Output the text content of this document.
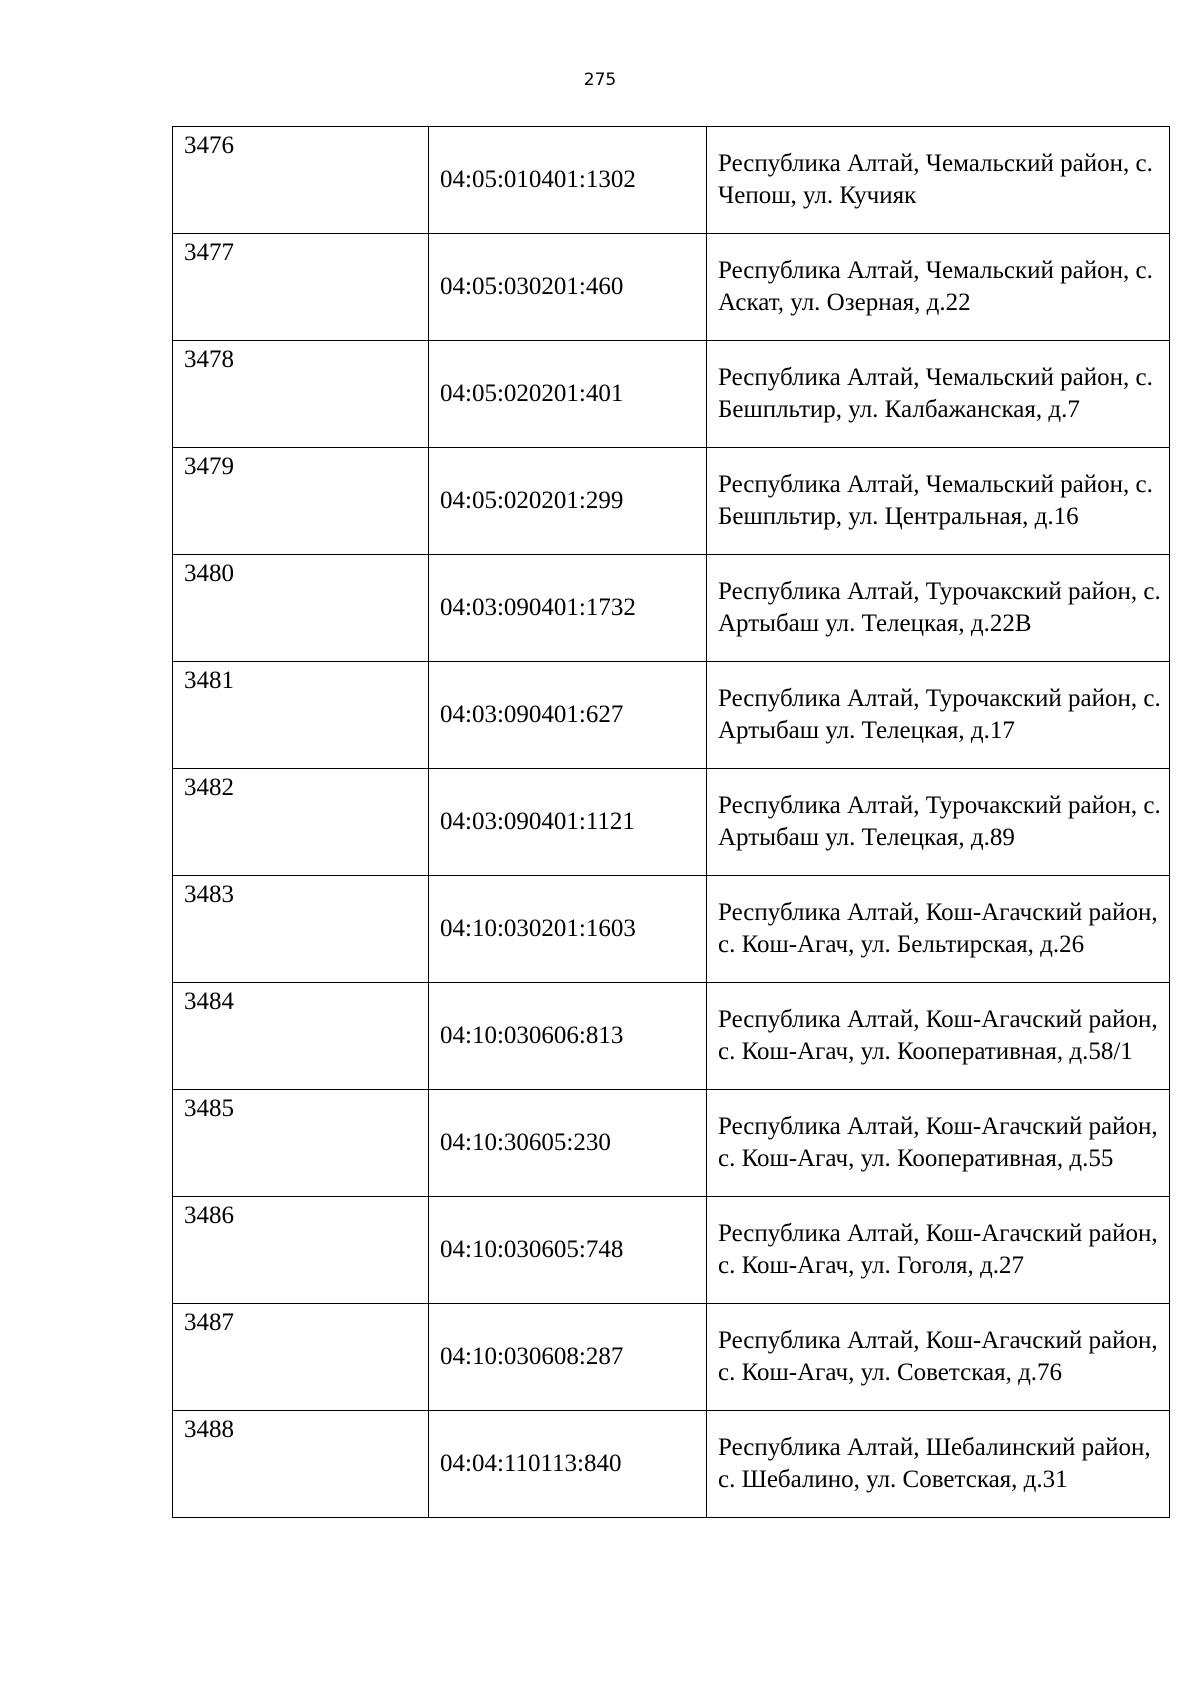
275
3476	04:05:010401:1302	Республика Алтай, Чемальский район, с. Чепош, ул. Кучияк
3477	04:05:030201:460	Республика Алтай, Чемальский район, с. Аскат, ул. Озерная, д.22
3478	04:05:020201:401	Республика Алтай, Чемальский район, с. Бешпльтир, ул. Калбажанская, д.7
3479	04:05:020201:299	Республика Алтай, Чемальский район, с. Бешпльтир, ул. Центральная, д.16
3480	04:03:090401:1732	Республика Алтай, Турочакский район, с. Артыбаш ул. Телецкая, д.22В
3481	04:03:090401:627	Республика Алтай, Турочакский район, с. Артыбаш ул. Телецкая, д.17
3482	04:03:090401:1121	Республика Алтай, Турочакский район, с. Артыбаш ул. Телецкая, д.89
3483	04:10:030201:1603	Республика Алтай, Кош-Агачский район, с. Кош-Агач, ул. Бельтирская, д.26
3484	04:10:030606:813	Республика Алтай, Кош-Агачский район, с. Кош-Агач, ул. Кооперативная, д.58/1
3485	04:10:30605:230	Республика Алтай, Кош-Агачский район, с. Кош-Агач, ул. Кооперативная, д.55
3486	04:10:030605:748	Республика Алтай, Кош-Агачский район, с. Кош-Агач, ул. Гоголя, д.27
3487	04:10:030608:287	Республика Алтай, Кош-Агачский район, с. Кош-Агач, ул. Советская, д.76
3488	04:04:110113:840	Республика Алтай, Шебалинский район, с. Шебалино, ул. Советская, д.31
